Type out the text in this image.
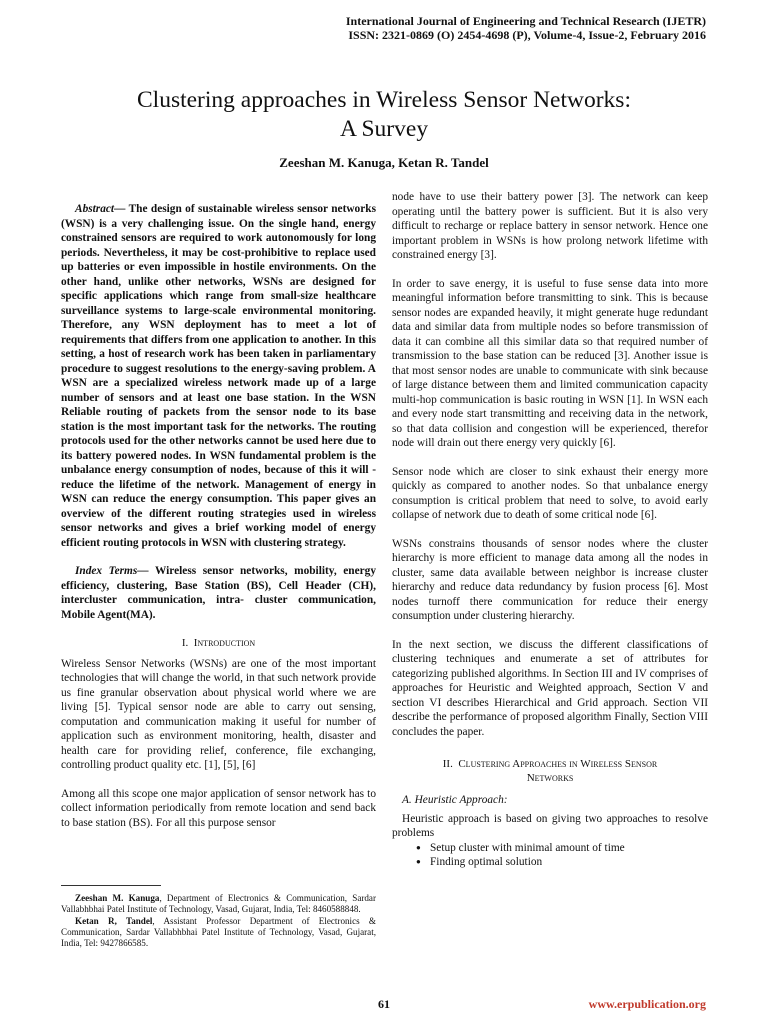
International Journal of Engineering and Technical Research (IJETR)
ISSN: 2321-0869 (O) 2454-4698 (P), Volume-4, Issue-2, February 2016
Clustering approaches in Wireless Sensor Networks:
A Survey
Zeeshan M. Kanuga, Ketan R. Tandel

Abstract— The design of sustainable wireless sensor networks (WSN) is a very challenging issue. On the single hand, energy constrained sensors are required to work autonomously for long periods. Nevertheless, it may be cost-prohibitive to replace used up batteries or even impossible in hostile environments. On the other hand, unlike other networks, WSNs are designed for specific applications which range from small-size healthcare surveillance systems to large-scale environmental monitoring. Therefore, any WSN deployment has to meet a lot of requirements that differs from one application to another. In this setting, a host of research work has been taken in parliamentary procedure to suggest resolutions to the energy-saving problem. A WSN are a specialized wireless network made up of a large number of sensors and at least one base station. In the WSN Reliable routing of packets from the sensor node to its base station is the most important task for the networks. The routing protocols used for the other networks cannot be used here due to its battery powered nodes. In WSN fundamental problem is the unbalance energy consumption of nodes, because of this it will -reduce the lifetime of the network. Management of energy in WSN can reduce the energy consumption. This paper gives an overview of the different routing strategies used in wireless sensor networks and gives a brief working model of energy efficient routing protocols in WSN with clustering strategy.

Index Terms— Wireless sensor networks, mobility, energy efficiency, clustering, Base Station (BS), Cell Header (CH), intercluster communication, intra- cluster communication, Mobile Agent(MA).

I. Introduction

Wireless Sensor Networks (WSNs) are one of the most important technologies that will change the world, in that such network provide us fine granular observation about physical world where we are living [5]. Typical sensor node are able to carry out sensing, computation and communication making it useful for number of application such as environment monitoring, health, disaster and health care for providing relief, conference, file exchanging, controlling product quality etc. [1], [5], [6]

Among all this scope one major application of sensor network has to collect information periodically from remote location and send back to base station (BS). For all this purpose sensor

Zeeshan M. Kanuga, Department of Electronics & Communication, Sardar Vallabhbhai Patel Institute of Technology, Vasad, Gujarat, India, Tel: 8460588848.

Ketan R, Tandel, Assistant Professor Department of Electronics & Communication, Sardar Vallabhbhai Patel Institute of Technology, Vasad, Gujarat, India, Tel: 9427866585.

node have to use their battery power [3]. The network can keep operating until the battery power is sufficient. But it is also very difficult to recharge or replace battery in sensor network. Hence one important problem in WSNs is how prolong network lifetime with constrained energy [3].

In order to save energy, it is useful to fuse sense data into more meaningful information before transmitting to sink. This is because sensor nodes are expanded heavily, it might generate huge redundant data and similar data from multiple nodes so before transmission of data it can combine all this similar data so that required number of transmission to the base station can be reduced [3]. Another issue is that most sensor nodes are unable to communicate with sink because of large distance between them and limited communication capacity multi-hop communication is basic routing in WSN [1]. In WSN each and every node start transmitting and receiving data in the network, so that data collision and congestion will be experienced, therefor node will drain out there energy very quickly [6].

Sensor node which are closer to sink exhaust their energy more quickly as compared to another nodes. So that unbalance energy consumption is critical problem that need to solve, to avoid early collapse of network due to death of some critical node [6].

WSNs constrains thousands of sensor nodes where the cluster hierarchy is more efficient to manage data among all the nodes in cluster, same data available between neighbor is increase cluster hierarchy and reduce data redundancy by fusion process [6]. Most nodes turnoff there communication for reduce their energy consumption under clustering hierarchy.

In the next section, we discuss the different classifications of clustering techniques and enumerate a set of attributes for categorizing published algorithms. In Section III and IV comprises of approaches for Heuristic and Weighted approach, Section V and section VI describes Hierarchical and Grid approach. Section VII describe the performance of proposed algorithm Finally, Section VIII concludes the paper.

II. Clustering Approaches in Wireless Sensor
Networks

A. Heuristic Approach:

Heuristic approach is based on giving two approaches to resolve problems

● Setup cluster with minimal amount of time
● Finding optimal solution
61	www.erpublication.org
